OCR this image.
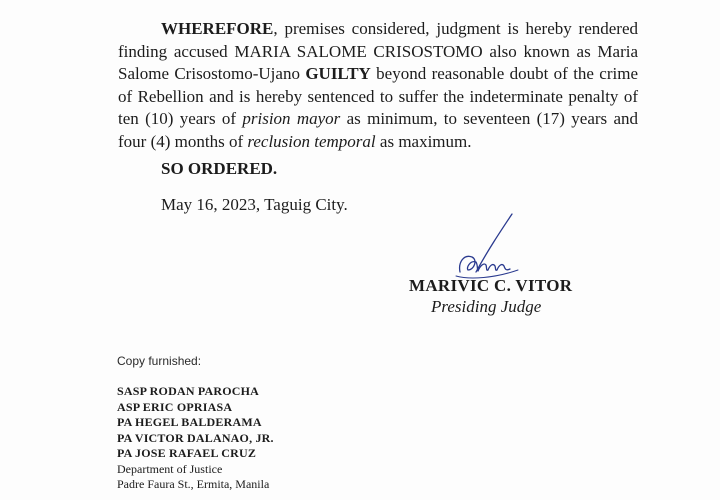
WHEREFORE, premises considered, judgment is hereby rendered finding accused MARIA SALOME CRISOSTOMO also known as Maria Salome Crisostomo-Ujano GUILTY beyond reasonable doubt of the crime of Rebellion and is hereby sentenced to suffer the indeterminate penalty of ten (10) years of prision mayor as minimum, to seventeen (17) years and four (4) months of reclusion temporal as maximum.
SO ORDERED.
May 16, 2023, Taguig City.
MARIVIC C. VITOR
Presiding Judge
Copy furnished:
SASP RODAN PAROCHA
ASP ERIC OPRIASA
PA HEGEL BALDERAMA
PA VICTOR DALANAO, JR.
PA JOSE RAFAEL CRUZ
Department of Justice
Padre Faura St., Ermita, Manila
